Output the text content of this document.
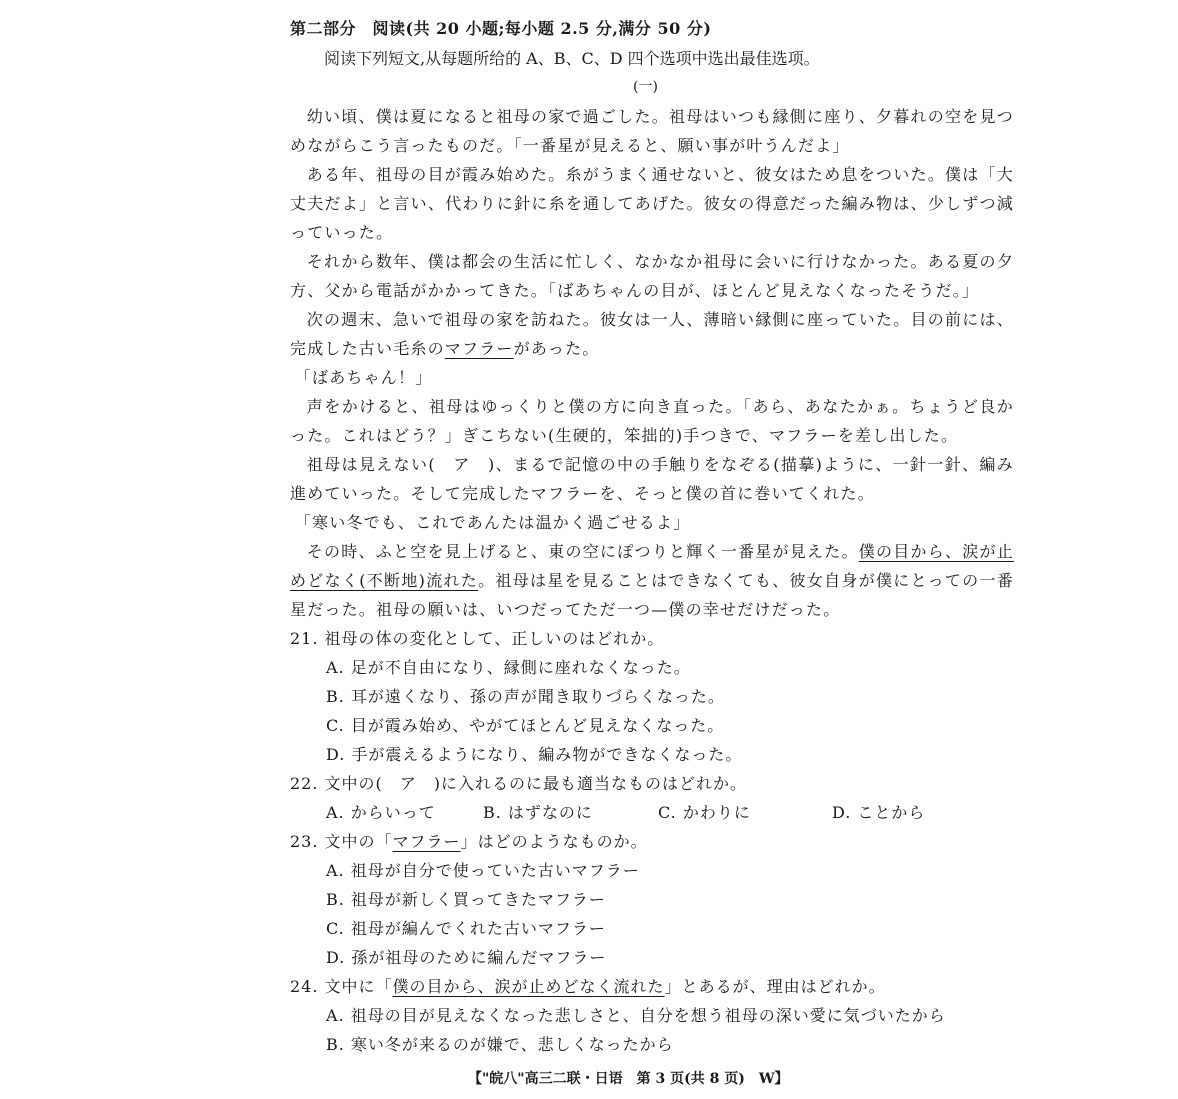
第二部分　阅读(共 20 小题;每小题 2.5 分,满分 50 分)
阅读下列短文,从每题所给的 A、B、C、D 四个选项中选出最佳选项。
(一)

幼い頃、僕は夏になると祖母の家で過ごした。祖母はいつも縁側に座り、夕暮れの空を見つめながらこう言ったものだ。「一番星が見えると、願い事が叶うんだよ」

ある年、祖母の目が霞み始めた。糸がうまく通せないと、彼女はため息をついた。僕は「大丈夫だよ」と言い、代わりに針に糸を通してあげた。彼女の得意だった編み物は、少しずつ減っていった。

それから数年、僕は都会の生活に忙しく、なかなか祖母に会いに行けなかった。ある夏の夕方、父から電話がかかってきた。「ばあちゃんの目が、ほとんど見えなくなったそうだ。」

次の週末、急いで祖母の家を訪ねた。彼女は一人、薄暗い縁側に座っていた。目の前には、完成した古い毛糸のマフラーがあった。

「ばあちゃん！」

声をかけると、祖母はゆっくりと僕の方に向き直った。「あら、あなたかぁ。ちょうど良かった。これはどう？」ぎこちない(生硬的，笨拙的)手つきで、マフラーを差し出した。

祖母は見えない(　ア　)、まるで記憶の中の手触りをなぞる(描摹)ように、一針一針、編み進めていった。そして完成したマフラーを、そっと僕の首に巻いてくれた。

「寒い冬でも、これであんたは温かく過ごせるよ」

その時、ふと空を見上げると、東の空にぽつりと輝く一番星が見えた。僕の目から、涙が止めどなく(不断地)流れた。祖母は星を見ることはできなくても、彼女自身が僕にとっての一番星だった。祖母の願いは、いつだってただ一つ—僕の幸せだけだった。

21. 祖母の体の変化として、正しいのはどれか。

A. 足が不自由になり、縁側に座れなくなった。

B. 耳が遠くなり、孫の声が聞き取りづらくなった。

C. 目が霞み始め、やがてほとんど見えなくなった。

D. 手が震えるようになり、編み物ができなくなった。

22. 文中の(　ア　)に入れるのに最も適当なものはどれか。

A. からいって	B. はずなのに	C. かわりに	D. ことから

23. 文中の「マフラー」はどのようなものか。

A. 祖母が自分で使っていた古いマフラー

B. 祖母が新しく買ってきたマフラー

C. 祖母が編んでくれた古いマフラー

D. 孫が祖母のために編んだマフラー

24. 文中に「僕の目から、涙が止めどなく流れた」とあるが、理由はどれか。

A. 祖母の目が見えなくなった悲しさと、自分を想う祖母の深い愛に気づいたから

B. 寒い冬が来るのが嫌で、悲しくなったから

【"皖八"高三二联・日语　第 3 页(共 8 页)　W】
